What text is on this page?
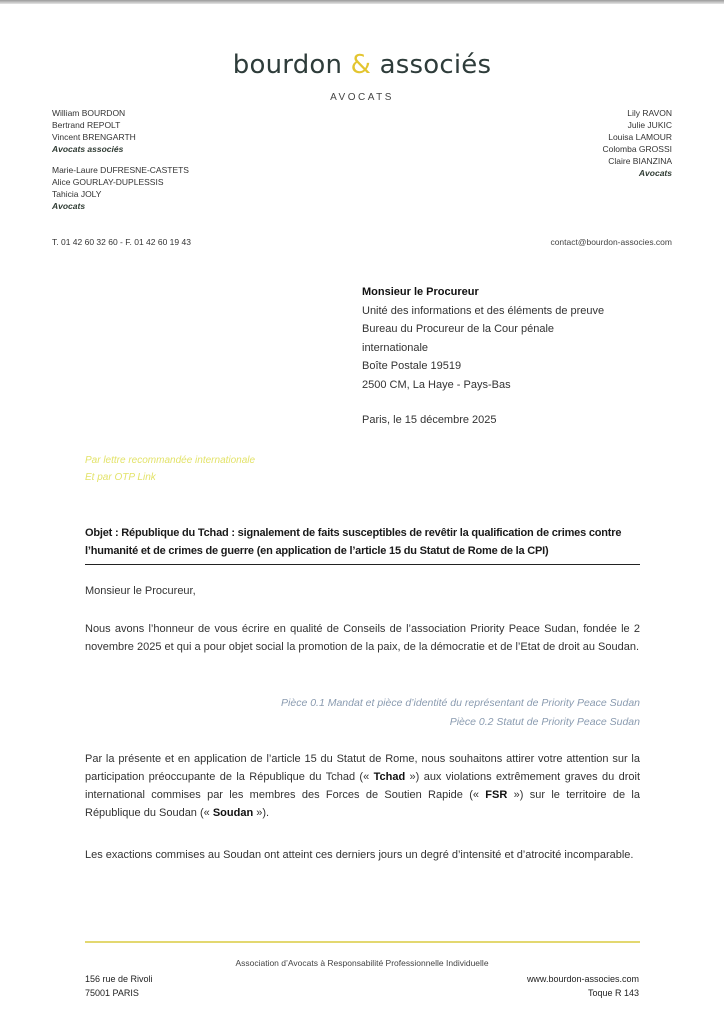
bourdon & associés
AVOCATS
William BOURDON
Bertrand REPOLT
Vincent BRENGARTH
Avocats associés
Marie-Laure DUFRESNE-CASTETS
Alice GOURLAY-DUPLESSIS
Tahicia JOLY
Avocats
Lily RAVON
Julie JUKIC
Louisa LAMOUR
Colomba GROSSI
Claire BIANZINA
Avocats
T. 01 42 60 32 60 - F. 01 42 60 19 43	contact@bourdon-associes.com
Monsieur le Procureur
Unité des informations et des éléments de preuve
Bureau du Procureur de la Cour pénale
internationale
Boîte Postale 19519
2500 CM, La Haye - Pays-Bas
Paris, le 15 décembre 2025
Par lettre recommandée internationale
Et par OTP Link
Objet : République du Tchad : signalement de faits susceptibles de revêtir la qualification de crimes contre l’humanité et de crimes de guerre (en application de l’article 15 du Statut de Rome de la CPI)
Monsieur le Procureur,
Nous avons l’honneur de vous écrire en qualité de Conseils de l’association Priority Peace Sudan, fondée le 2 novembre 2025 et qui a pour objet social la promotion de la paix, de la démocratie et de l’Etat de droit au Soudan.
Pièce 0.1 Mandat et pièce d’identité du représentant de Priority Peace Sudan
Pièce 0.2 Statut de Priority Peace Sudan
Par la présente et en application de l’article 15 du Statut de Rome, nous souhaitons attirer votre attention sur la participation préoccupante de la République du Tchad (« Tchad ») aux violations extrêmement graves du droit international commises par les membres des Forces de Soutien Rapide (« FSR ») sur le territoire de la République du Soudan (« Soudan »).
Les exactions commises au Soudan ont atteint ces derniers jours un degré d’intensité et d’atrocité incomparable.
Association d’Avocats à Responsabilité Professionnelle Individuelle
156 rue de Rivoli
75001 PARIS
www.bourdon-associes.com
Toque R 143
